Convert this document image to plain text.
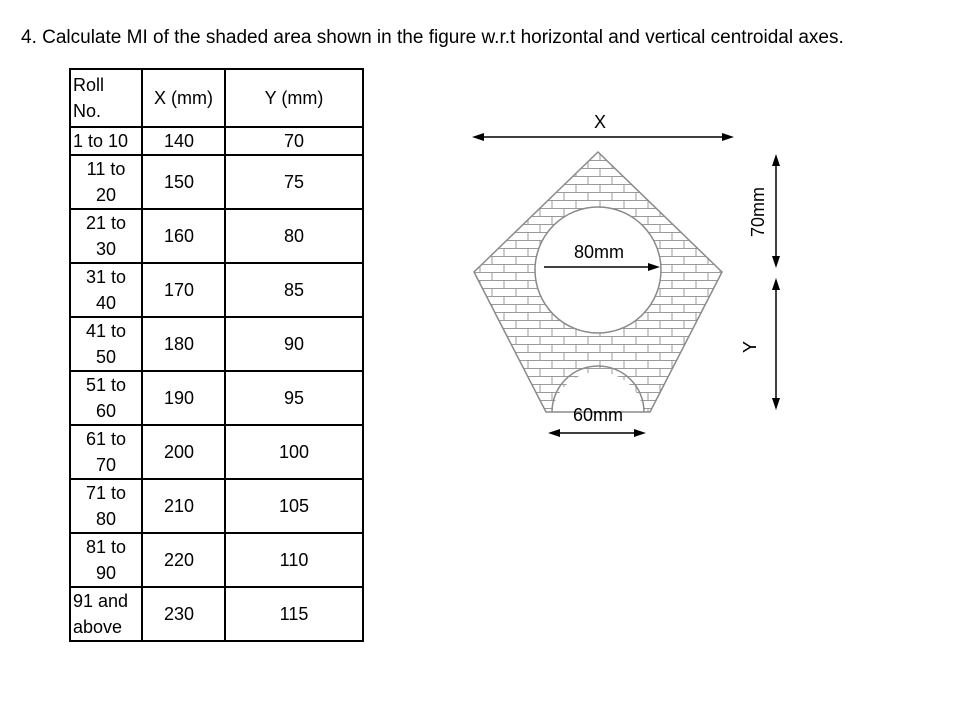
4. Calculate MI of the shaded area shown in the figure w.r.t horizontal and vertical centroidal axes.
Roll No.	X (mm)	Y (mm)
1 to 10	140	70
11 to 20	150	75
21 to 30	160	80
31 to 40	170	85
41 to 50	180	90
51 to 60	190	95
61 to 70	200	100
71 to 80	210	105
81 to 90	220	110
91 and above	230	115
X
80mm
60mm
70mm
Y
